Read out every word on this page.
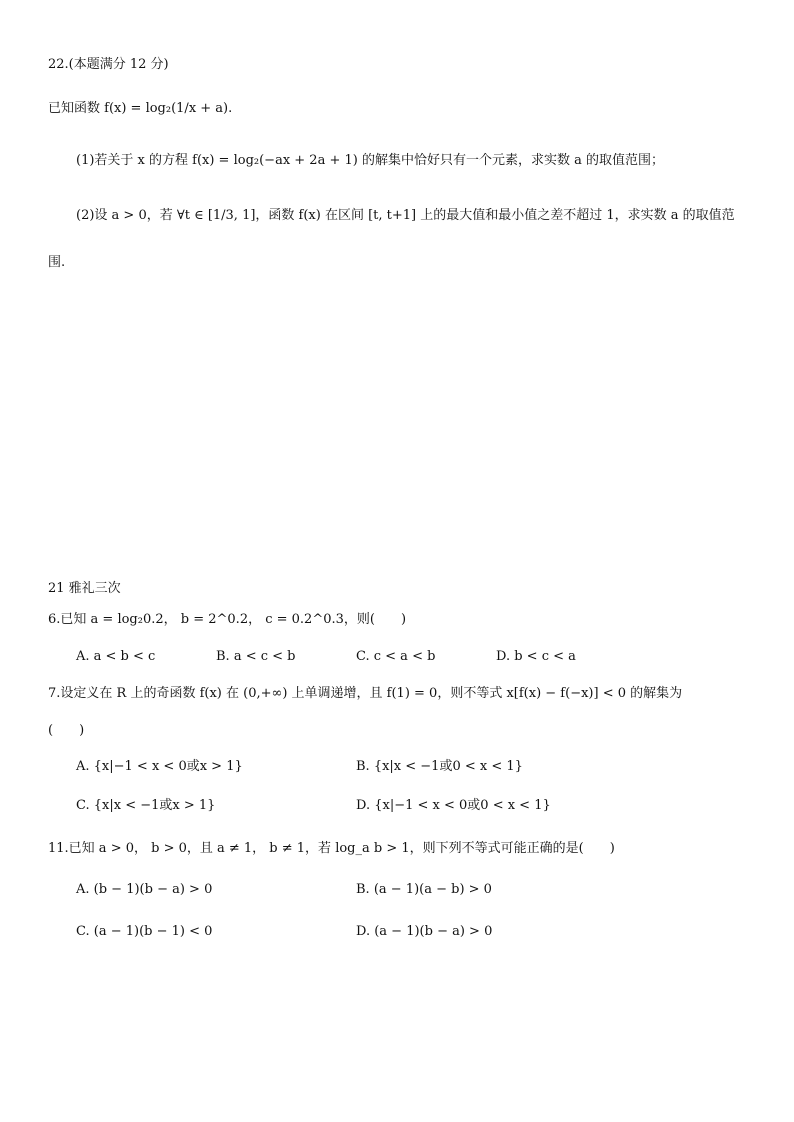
22.(本题满分 12 分)
已知函数 f(x) = log₂(1/x + a).
(1)若关于 x 的方程 f(x) = log₂(−ax + 2a + 1) 的解集中恰好只有一个元素，求实数 a 的取值范围；
(2)设 a > 0，若 ∀t ∈ [1/3, 1]，函数 f(x) 在区间 [t, t+1] 上的最大值和最小值之差不超过 1，求实数 a 的取值范
围.
21 雅礼三次
6.已知 a = log₂0.2， b = 2^0.2， c = 0.2^0.3，则(　　)
A. a < b < c	B. a < c < b	C. c < a < b	D. b < c < a
7.设定义在 R 上的奇函数 f(x) 在 (0,+∞) 上单调递增，且 f(1) = 0，则不等式 x[f(x) − f(−x)] < 0 的解集为
(　　)
A. {x|−1 < x < 0或x > 1}	B. {x|x < −1或0 < x < 1}
C. {x|x < −1或x > 1}	D. {x|−1 < x < 0或0 < x < 1}
11.已知 a > 0， b > 0，且 a ≠ 1， b ≠ 1，若 log_a b > 1，则下列不等式可能正确的是(　　)
A. (b − 1)(b − a) > 0	B. (a − 1)(a − b) > 0
C. (a − 1)(b − 1) < 0	D. (a − 1)(b − a) > 0
